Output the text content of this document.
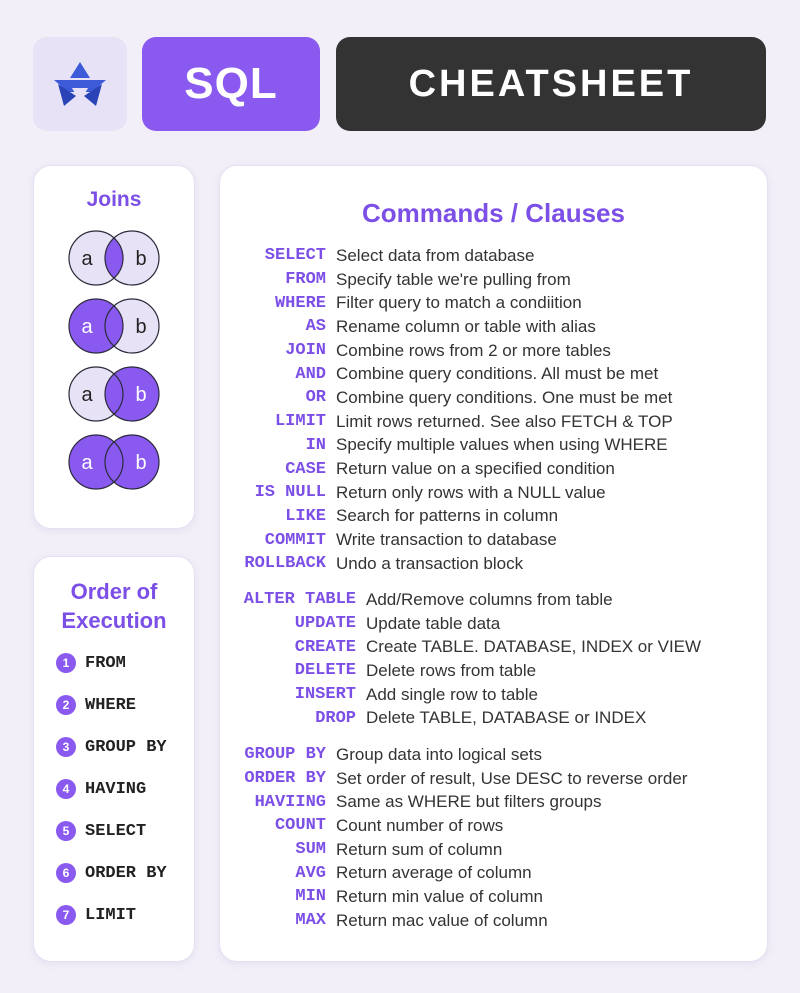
SQL	CHEATSHEET
Joins
a b
a b
a b
a b
Order of
Execution
1 FROM
2 WHERE
3 GROUP BY
4 HAVING
5 SELECT
6 ORDER BY
7 LIMIT
Commands / Clauses
SELECT Select data from database
FROM Specify table we're pulling from
WHERE Filter query to match a condiition
AS Rename column or table with alias
JOIN Combine rows from 2 or more tables
AND Combine query conditions. All must be met
OR Combine query conditions. One must be met
LIMIT Limit rows returned. See also FETCH & TOP
IN Specify multiple values when using WHERE
CASE Return value on a specified condition
IS NULL Return only rows with a NULL value
LIKE Search for patterns in column
COMMIT Write transaction to database
ROLLBACK Undo a transaction block
ALTER TABLE Add/Remove columns from table
UPDATE Update table data
CREATE Create TABLE. DATABASE, INDEX or VIEW
DELETE Delete rows from table
INSERT Add single row to table
DROP Delete TABLE, DATABASE or INDEX
GROUP BY Group data into logical sets
ORDER BY Set order of result, Use DESC to reverse order
HAVIING Same as WHERE but filters groups
COUNT Count number of rows
SUM Return sum of column
AVG Return average of column
MIN Return min value of column
MAX Return mac value of column
